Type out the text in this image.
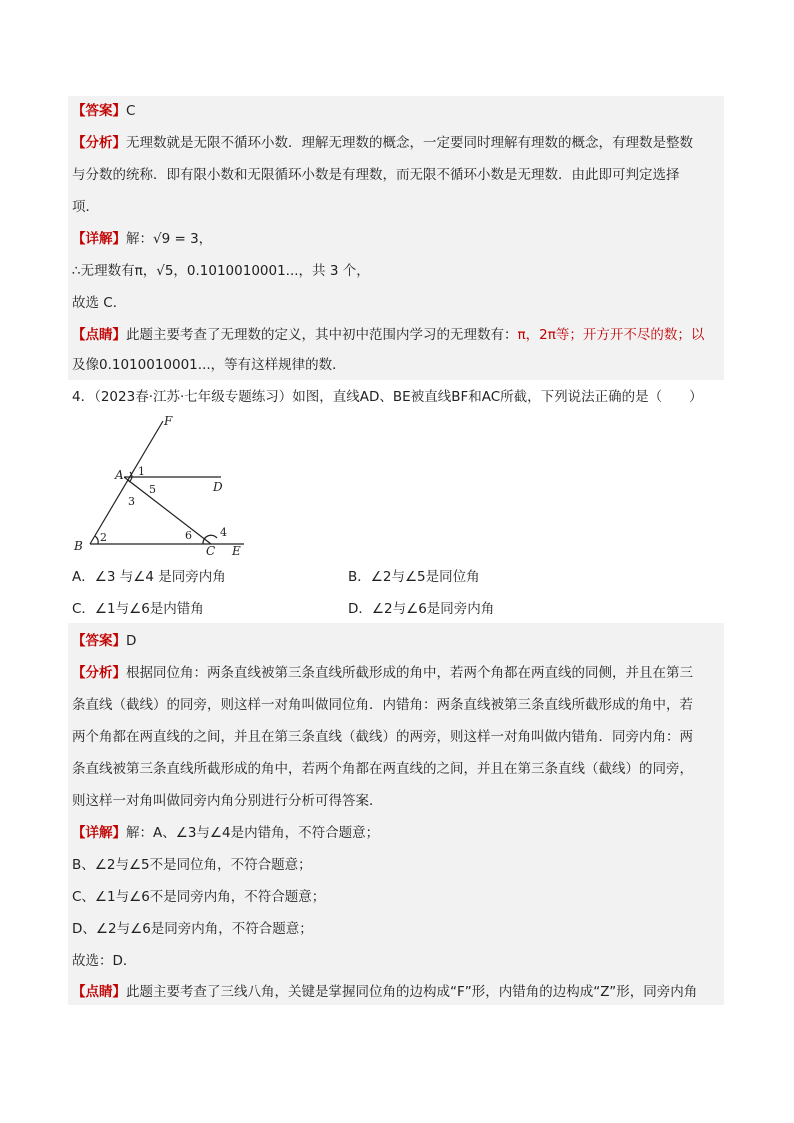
【答案】C
【分析】无理数就是无限不循环小数．理解无理数的概念，一定要同时理解有理数的概念，有理数是整数
与分数的统称．即有限小数和无限循环小数是有理数，而无限不循环小数是无理数．由此即可判定选择
项．
【详解】解：√9 = 3，
∴无理数有π，√5，0.1010010001...，共 3 个，
故选 C．
【点睛】此题主要考查了无理数的定义，其中初中范围内学习的无理数有：π，2π等；开方开不尽的数；以
及像0.1010010001...，等有这样规律的数．
4．（2023春·江苏·七年级专题练习）如图，直线AD、BE被直线BF和AC所截，下列说法正确的是（　　）
F
A
D
B	C E
1
5
3
2	6	4
A．∠3 与∠4 是同旁内角	B．∠2与∠5是同位角
C．∠1与∠6是内错角	D．∠2与∠6是同旁内角
【答案】D
【分析】根据同位角：两条直线被第三条直线所截形成的角中，若两个角都在两直线的同侧，并且在第三
条直线（截线）的同旁，则这样一对角叫做同位角．内错角：两条直线被第三条直线所截形成的角中，若
两个角都在两直线的之间，并且在第三条直线（截线）的两旁，则这样一对角叫做内错角．同旁内角：两
条直线被第三条直线所截形成的角中，若两个角都在两直线的之间，并且在第三条直线（截线）的同旁，
则这样一对角叫做同旁内角分别进行分析可得答案．
【详解】解：A、∠3与∠4是内错角，不符合题意；
B、∠2与∠5不是同位角，不符合题意；
C、∠1与∠6不是同旁内角，不符合题意；
D、∠2与∠6是同旁内角，不符合题意；
故选：D．
【点睛】此题主要考查了三线八角，关键是掌握同位角的边构成“F”形，内错角的边构成“Z”形，同旁内角
